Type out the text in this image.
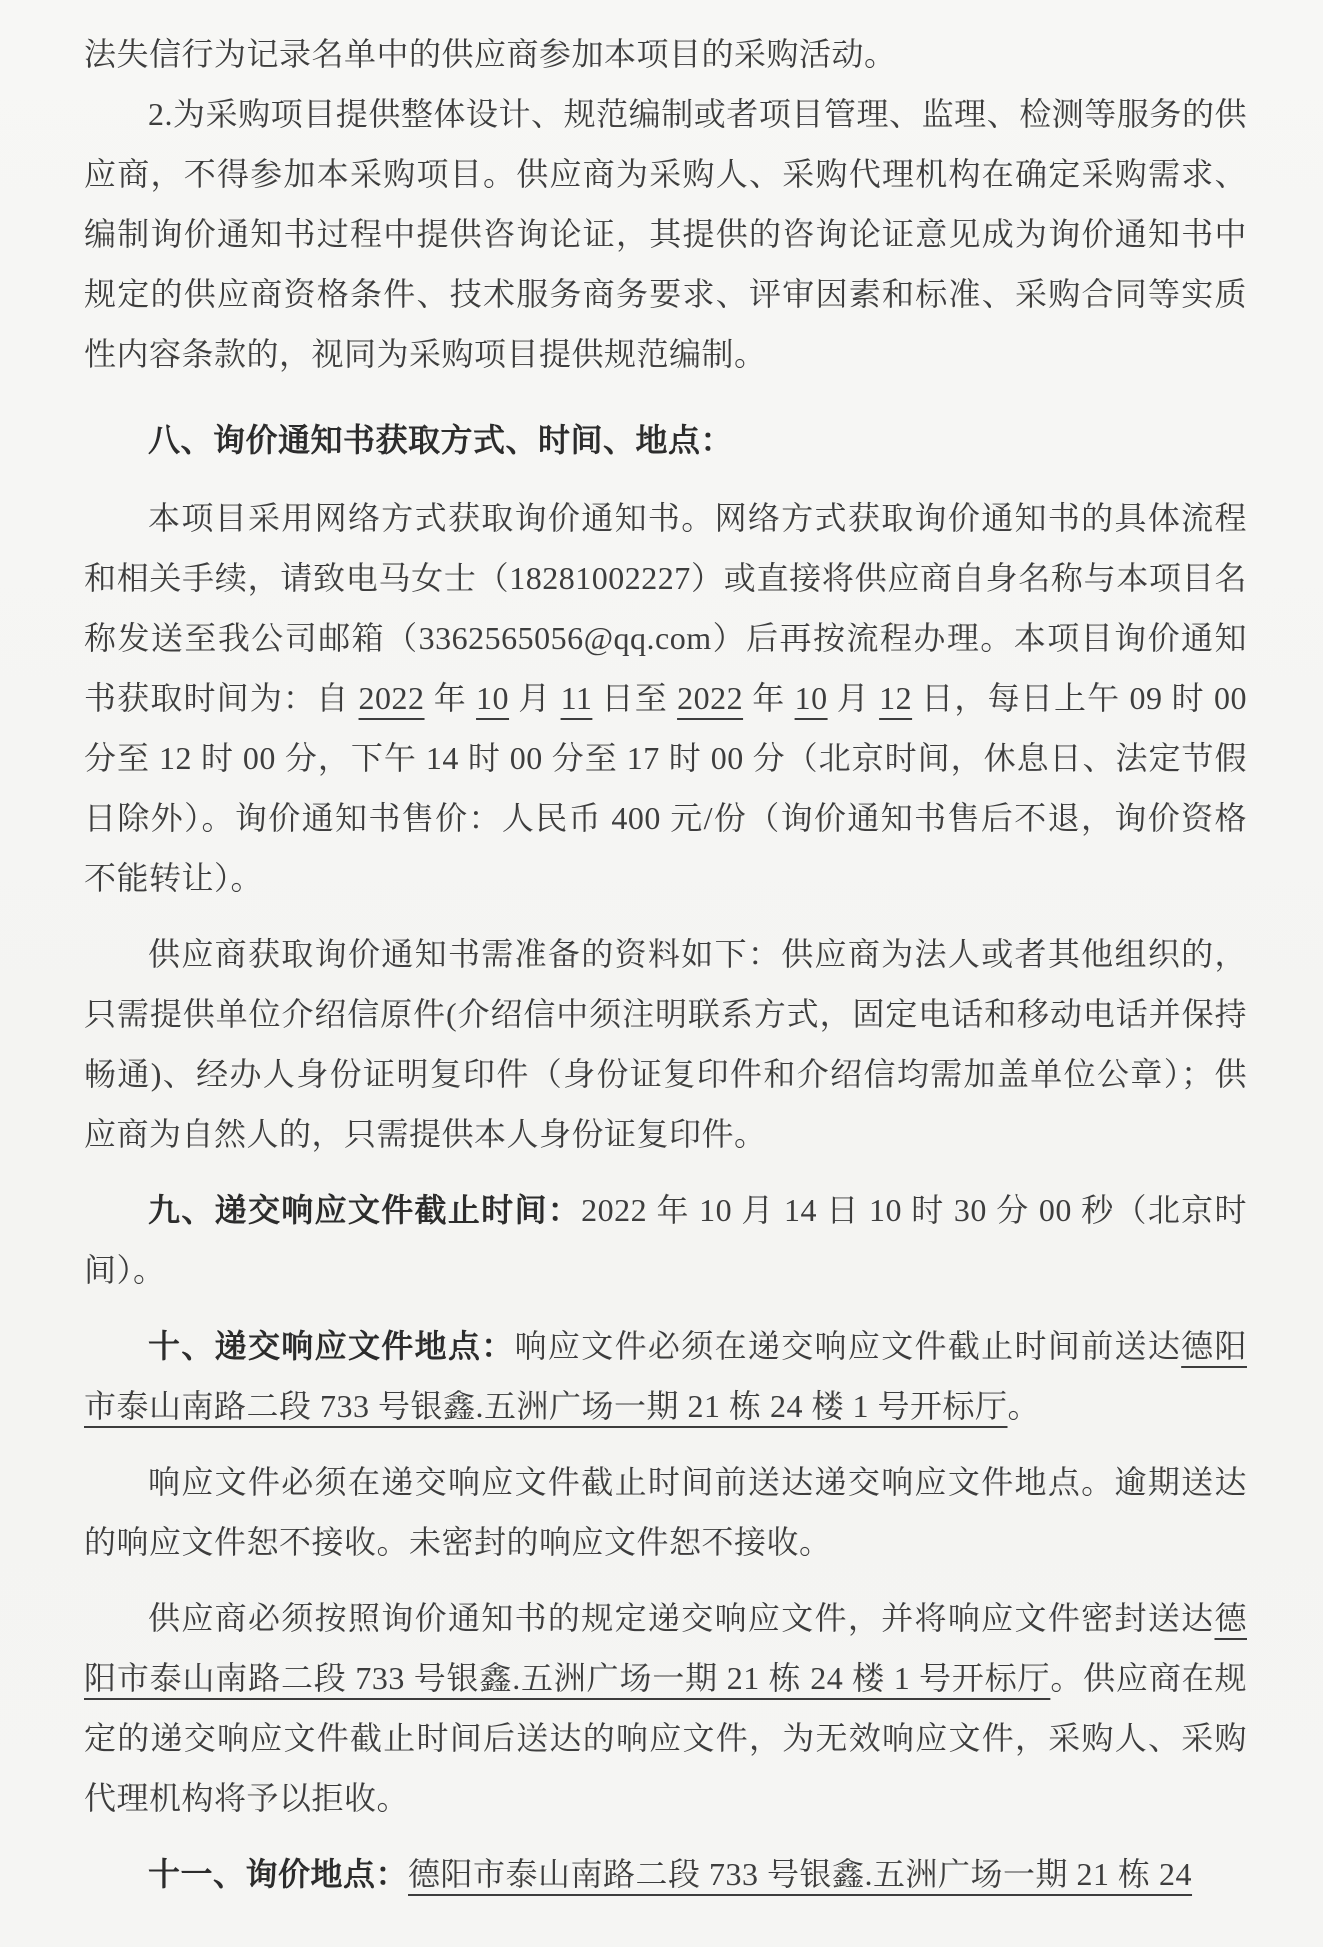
法失信行为记录名单中的供应商参加本项目的采购活动。

2.为采购项目提供整体设计、规范编制或者项目管理、监理、检测等服务的供应商，不得参加本采购项目。供应商为采购人、采购代理机构在确定采购需求、编制询价通知书过程中提供咨询论证，其提供的咨询论证意见成为询价通知书中规定的供应商资格条件、技术服务商务要求、评审因素和标准、采购合同等实质性内容条款的，视同为采购项目提供规范编制。

八、询价通知书获取方式、时间、地点：

本项目采用网络方式获取询价通知书。网络方式获取询价通知书的具体流程和相关手续，请致电马女士（18281002227）或直接将供应商自身名称与本项目名称发送至我公司邮箱（3362565056@qq.com）后再按流程办理。本项目询价通知书获取时间为：自 2022 年 10 月 11 日至 2022 年 10 月 12 日，每日上午 09 时 00 分至 12 时 00 分，下午 14 时 00 分至 17 时 00 分（北京时间，休息日、法定节假日除外）。询价通知书售价：人民币 400 元/份（询价通知书售后不退，询价资格不能转让）。

供应商获取询价通知书需准备的资料如下：供应商为法人或者其他组织的，只需提供单位介绍信原件(介绍信中须注明联系方式，固定电话和移动电话并保持畅通)、经办人身份证明复印件（身份证复印件和介绍信均需加盖单位公章）；供应商为自然人的，只需提供本人身份证复印件。

九、递交响应文件截止时间：2022 年 10 月 14 日 10 时 30 分 00 秒（北京时间）。

十、递交响应文件地点：响应文件必须在递交响应文件截止时间前送达德阳市泰山南路二段 733 号银鑫.五洲广场一期 21 栋 24 楼 1 号开标厅。

响应文件必须在递交响应文件截止时间前送达递交响应文件地点。逾期送达的响应文件恕不接收。未密封的响应文件恕不接收。

供应商必须按照询价通知书的规定递交响应文件，并将响应文件密封送达德阳市泰山南路二段 733 号银鑫.五洲广场一期 21 栋 24 楼 1 号开标厅。供应商在规定的递交响应文件截止时间后送达的响应文件，为无效响应文件，采购人、采购代理机构将予以拒收。

十一、询价地点：德阳市泰山南路二段 733 号银鑫.五洲广场一期 21 栋 24
